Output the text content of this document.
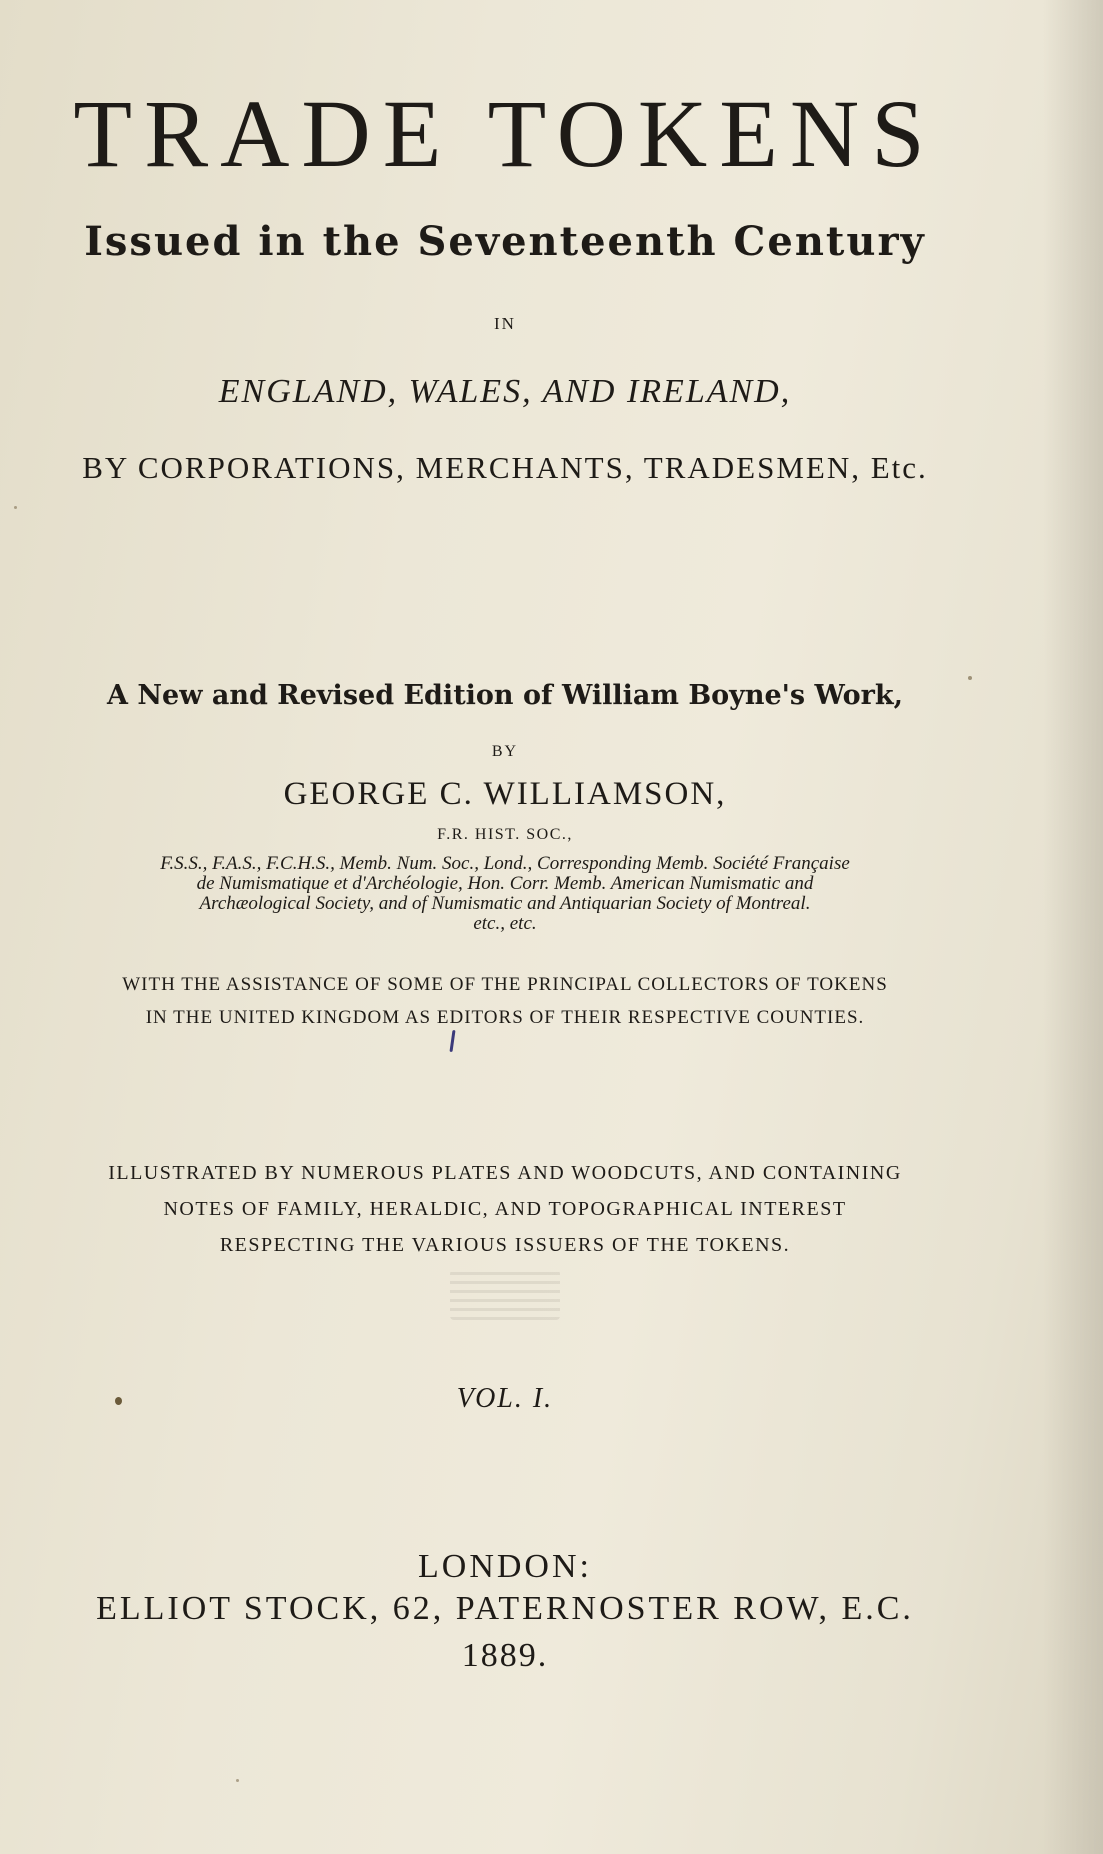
TRADE TOKENS
Issued in the Seventeenth Century
IN
ENGLAND, WALES, AND IRELAND,
BY CORPORATIONS, MERCHANTS, TRADESMEN, Etc.
A New and Revised Edition of William Boyne's Work,
BY
GEORGE C. WILLIAMSON,
F.R. HIST. SOC.,
F.S.S., F.A.S., F.C.H.S., Memb. Num. Soc., Lond., Corresponding Memb. Société Française
de Numismatique et d'Archéologie, Hon. Corr. Memb. American Numismatic and
Archæological Society, and of Numismatic and Antiquarian Society of Montreal.
etc., etc.
WITH THE ASSISTANCE OF SOME OF THE PRINCIPAL COLLECTORS OF TOKENS
IN THE UNITED KINGDOM AS EDITORS OF THEIR RESPECTIVE COUNTIES.
ILLUSTRATED BY NUMEROUS PLATES AND WOODCUTS, AND CONTAINING
NOTES OF FAMILY, HERALDIC, AND TOPOGRAPHICAL INTEREST
RESPECTING THE VARIOUS ISSUERS OF THE TOKENS.
VOL. I.
LONDON:
ELLIOT STOCK, 62, PATERNOSTER ROW, E.C.
1889.
